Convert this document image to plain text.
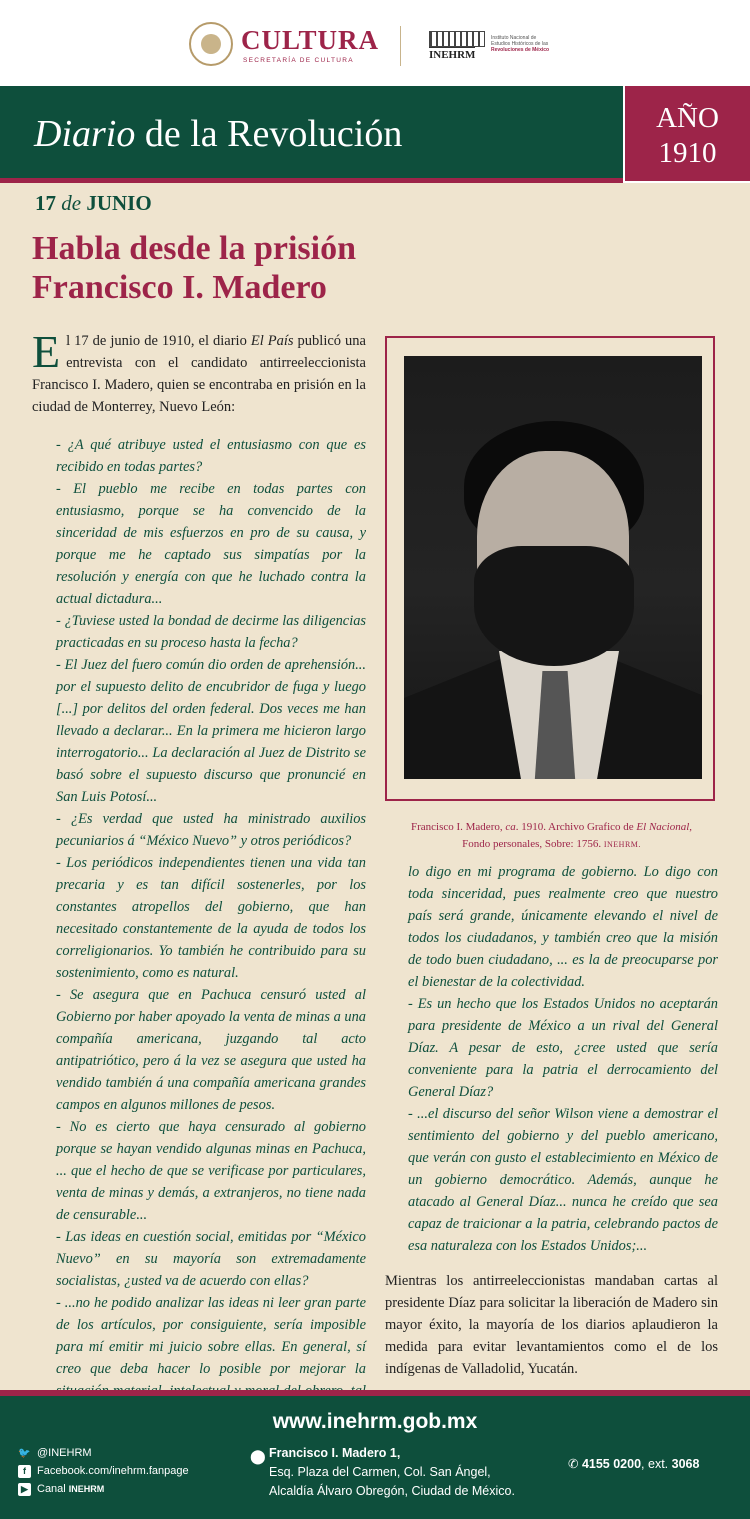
CULTURA
SECRETARÍA DE CULTURA	INEHRM
Instituto Nacional de
Estudios Históricos de las
Revoluciones de México
Diario de la Revolución	AÑO
1910
17 de JUNIO
Habla desde la prisión
Francisco I. Madero

El 17 de junio de 1910, el diario El País publicó una entrevista con el candidato antirreeleccionista Francisco I. Madero, quien se encontraba en prisión en la ciudad de Monterrey, Nuevo León:

- ¿A qué atribuye usted el entusiasmo con que es recibido en todas partes?

- El pueblo me recibe en todas partes con entusiasmo, porque se ha convencido de la sinceridad de mis esfuerzos en pro de su causa, y porque me he captado sus simpatías por la resolución y energía con que he luchado contra la actual dictadura...

- ¿Tuviese usted la bondad de decirme las diligencias practicadas en su proceso hasta la fecha?

- El Juez del fuero común dio orden de aprehensión... por el supuesto delito de encubridor de fuga y luego [...] por delitos del orden federal. Dos veces me han llevado a declarar... En la primera me hicieron largo interrogatorio... La declaración al Juez de Distrito se basó sobre el supuesto discurso que pronuncié en San Luis Potosí...

- ¿Es verdad que usted ha ministrado auxilios pecuniarios á “México Nuevo” y otros periódicos?

- Los periódicos independientes tienen una vida tan precaria y es tan difícil sostenerles, por los constantes atropellos del gobierno, que han necesitado constantemente de la ayuda de todos los correligionarios. Yo también he contribuido para su sostenimiento, como es natural.

- Se asegura que en Pachuca censuró usted al Gobierno por haber apoyado la venta de minas a una compañía americana, juzgando tal acto antipatriótico, pero á la vez se asegura que usted ha vendido también á una compañía americana grandes campos en algunos millones de pesos.

- No es cierto que haya censurado al gobierno porque se hayan vendido algunas minas en Pachuca, ... que el hecho de que se verificase por particulares, venta de minas y demás, a extranjeros, no tiene nada de censurable...

- Las ideas en cuestión social, emitidas por “México Nuevo” en su mayoría son extremadamente socialistas, ¿usted va de acuerdo con ellas?

- ...no he podido analizar las ideas ni leer gran parte de los artículos, por consiguiente, sería imposible para mí emitir mi juicio sobre ellas. En general, sí creo que deba hacer lo posible por mejorar la

Francisco I. Madero, ca. 1910. Archivo Grafico de El Nacional,
Fondo personales, Sobre: 1756. INEHRM.

lo digo en mi programa de gobierno. Lo digo con toda sinceridad, pues realmente creo que nuestro país será grande, únicamente elevando el nivel de todos los ciudadanos, y también creo que la misión de todo buen ciudadano, ... es la de preocuparse por el bienestar de la colectividad.

- Es un hecho que los Estados Unidos no aceptarán para presidente de México a un rival del General Díaz. A pesar de esto, ¿cree usted que sería conveniente para la patria el derrocamiento del General Díaz?

- ...el discurso del señor Wilson viene a demostrar el sentimiento del gobierno y del pueblo americano, que verán con gusto el establecimiento en México de un gobierno democrático. Además, aunque he atacado al General Díaz... nunca he creído que sea capaz de traicionar a la patria, celebrando pactos de esa naturaleza con los Estados Unidos;...

Mientras los antirreeleccionistas mandaban cartas al presidente Díaz para solicitar la liberación de Madero sin mayor éxito, la mayoría de los diarios aplaudieron la medida para evitar levantamientos como el de los indígenas de Valladolid, Yucatán.

www.inehrm.gob.mx
🐦 @INEHRM
f	Facebook.com/inehrm.fanpage
▶ Canal INEHRM
⬤ Francisco I. Madero 1,
Esq. Plaza del Carmen, Col. San Ángel,
Alcaldía Álvaro Obregón, Ciudad de México.
✆ 4155 0200, ext. 3068
